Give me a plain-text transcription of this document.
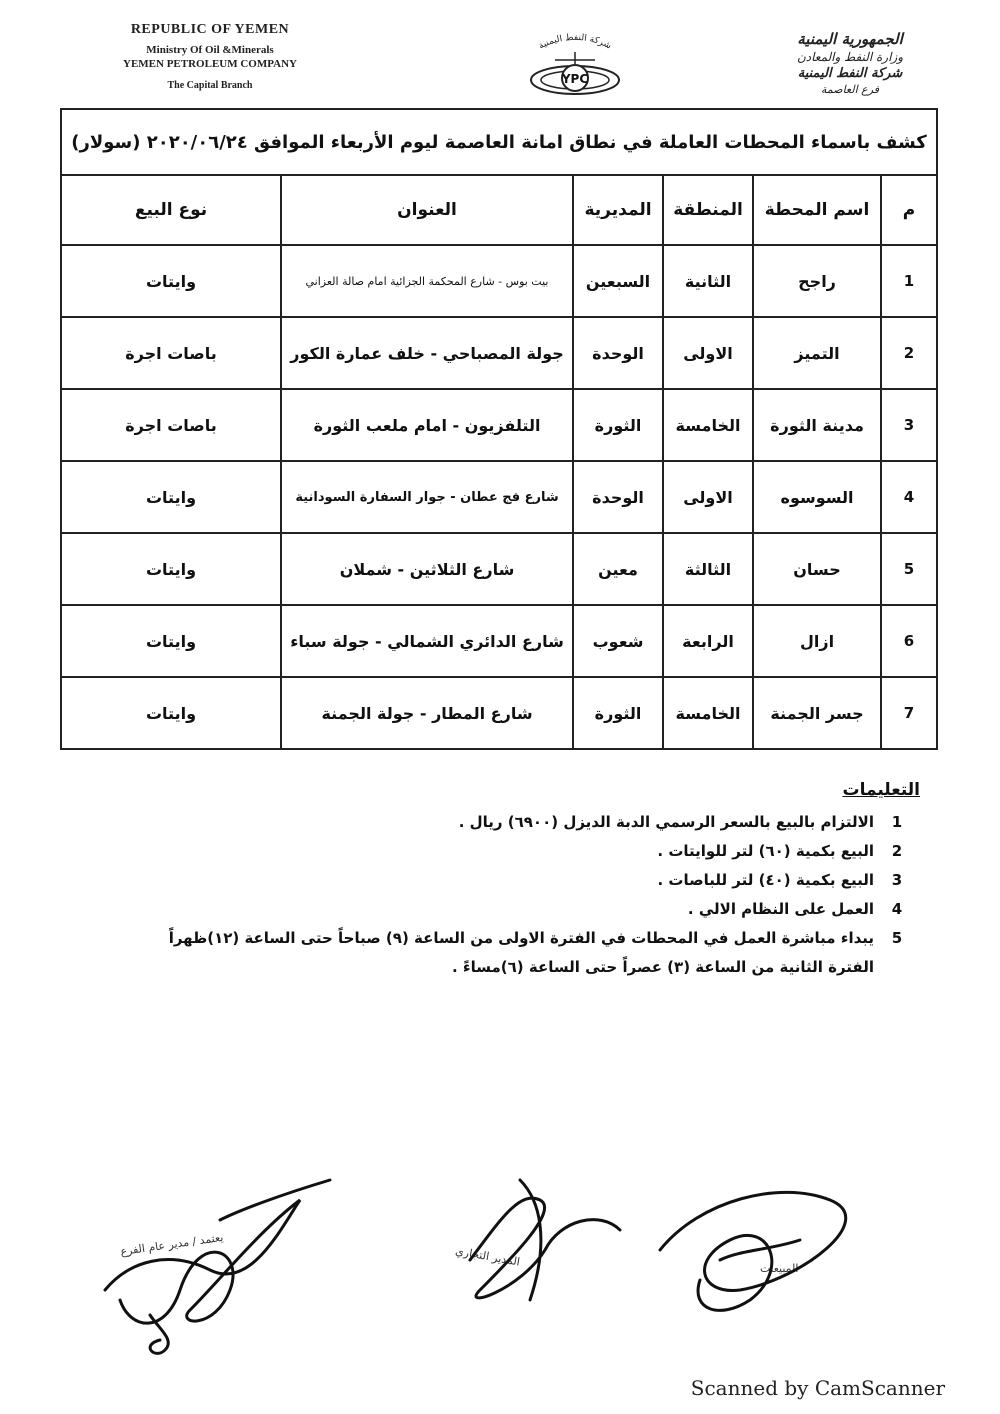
REPUBLIC OF YEMEN
Ministry Of Oil &Minerals
YEMEN PETROLEUM COMPANY
The Capital Branch
شركة النفط اليمنية
YPC
الجمهورية اليمنية
وزارة النفط والمعادن
شركة النفط اليمنية
فرع العاصمة
كشف باسماء المحطات العاملة في نطاق امانة العاصمة ليوم الأربعاء الموافق ٢٠٢٠/٠٦/٢٤ (سولار)					
م	اسم المحطة	المنطقة	المديرية	العنوان	نوع البيع
1	راجح	الثانية	السبعين	بيت بوس - شارع المحكمة الجزائية امام صالة العزاني	وايتات
2	التميز	الاولى	الوحدة	جولة المصباحي - خلف عمارة الكور	باصات اجرة
3	مدينة الثورة	الخامسة	الثورة	التلفزيون - امام ملعب الثورة	باصات اجرة
4	السوسوه	الاولى	الوحدة	شارع فج عطان - جوار السفارة السودانية	وايتات
5	حسان	الثالثة	معين	شارع الثلاثين - شملان	وايتات
6	ازال	الرابعة	شعوب	شارع الدائري الشمالي - جولة سباء	وايتات
7	جسر الجمنة	الخامسة	الثورة	شارع المطار - جولة الجمنة	وايتات
التعليمات
1
الالتزام بالبيع بالسعر الرسمي الدبة الديزل (٦٩٠٠) ريال .
2
البيع بكمية (٦٠) لتر للوايتات .
3
البيع بكمية (٤٠) لتر للباصات .
4
العمل على النظام الالي .
5
يبداء مباشرة العمل في المحطات في الفترة الاولى من الساعة (٩) صباحاً حتى الساعة (١٢)ظهراً
الفترة الثانية من الساعة (٣) عصراً حتى الساعة (٦)مساءً .
يعتمد / مدير عام الفرع	المدير التجاري	المبيعات
Scanned by CamScanner
